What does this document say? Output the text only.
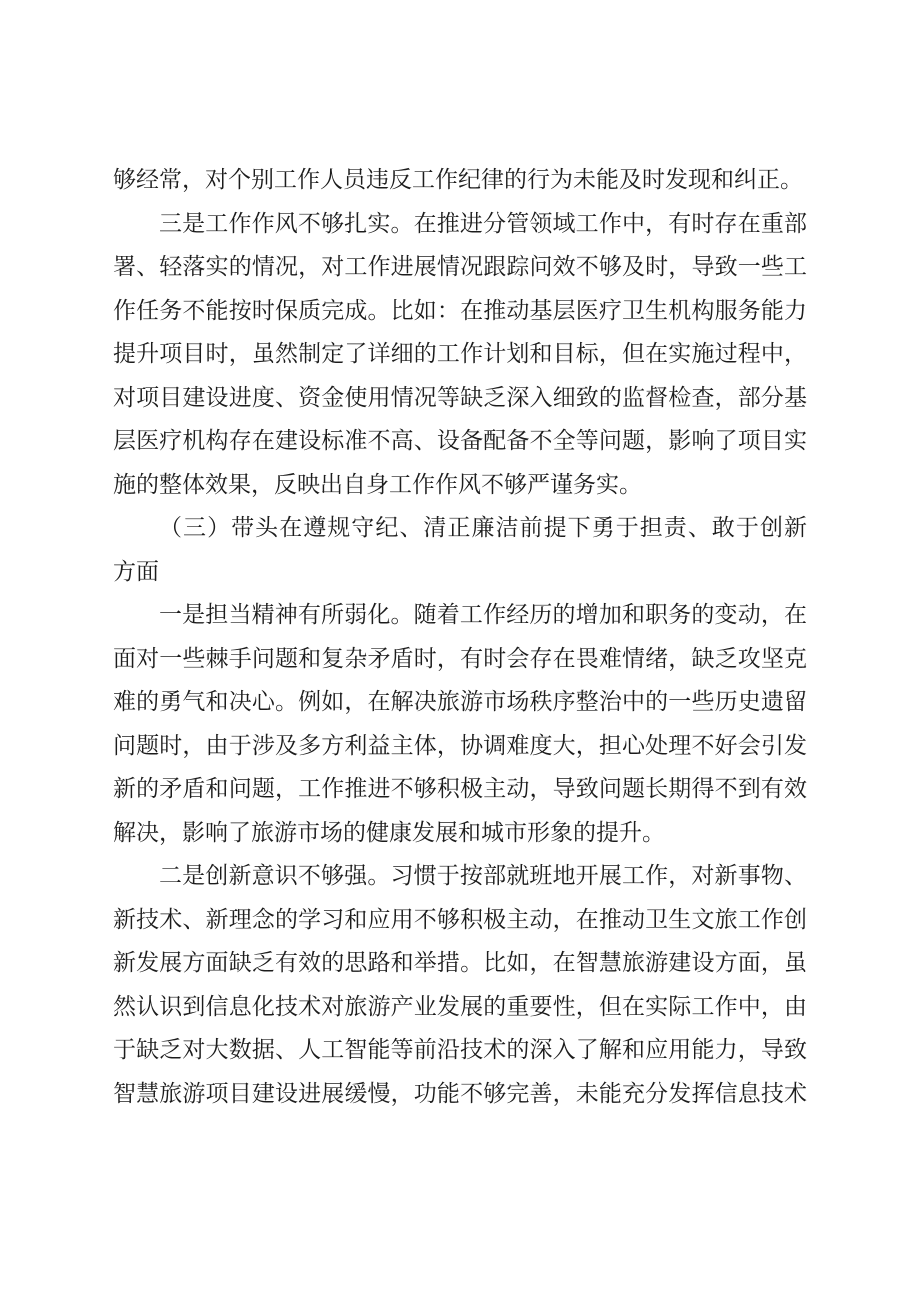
够经常，对个别工作人员违反工作纪律的行为未能及时发现和纠正。
三是工作作风不够扎实。在推进分管领域工作中，有时存在重部
署、轻落实的情况，对工作进展情况跟踪问效不够及时，导致一些工
作任务不能按时保质完成。比如：在推动基层医疗卫生机构服务能力
提升项目时，虽然制定了详细的工作计划和目标，但在实施过程中，
对项目建设进度、资金使用情况等缺乏深入细致的监督检查，部分基
层医疗机构存在建设标准不高、设备配备不全等问题，影响了项目实
施的整体效果，反映出自身工作作风不够严谨务实。
（三）带头在遵规守纪、清正廉洁前提下勇于担责、敢于创新
方面
一是担当精神有所弱化。随着工作经历的增加和职务的变动，在
面对一些棘手问题和复杂矛盾时，有时会存在畏难情绪，缺乏攻坚克
难的勇气和决心。例如，在解决旅游市场秩序整治中的一些历史遗留
问题时，由于涉及多方利益主体，协调难度大，担心处理不好会引发
新的矛盾和问题，工作推进不够积极主动，导致问题长期得不到有效
解决，影响了旅游市场的健康发展和城市形象的提升。
二是创新意识不够强。习惯于按部就班地开展工作，对新事物、
新技术、新理念的学习和应用不够积极主动，在推动卫生文旅工作创
新发展方面缺乏有效的思路和举措。比如，在智慧旅游建设方面，虽
然认识到信息化技术对旅游产业发展的重要性，但在实际工作中，由
于缺乏对大数据、人工智能等前沿技术的深入了解和应用能力，导致
智慧旅游项目建设进展缓慢，功能不够完善，未能充分发挥信息技术
